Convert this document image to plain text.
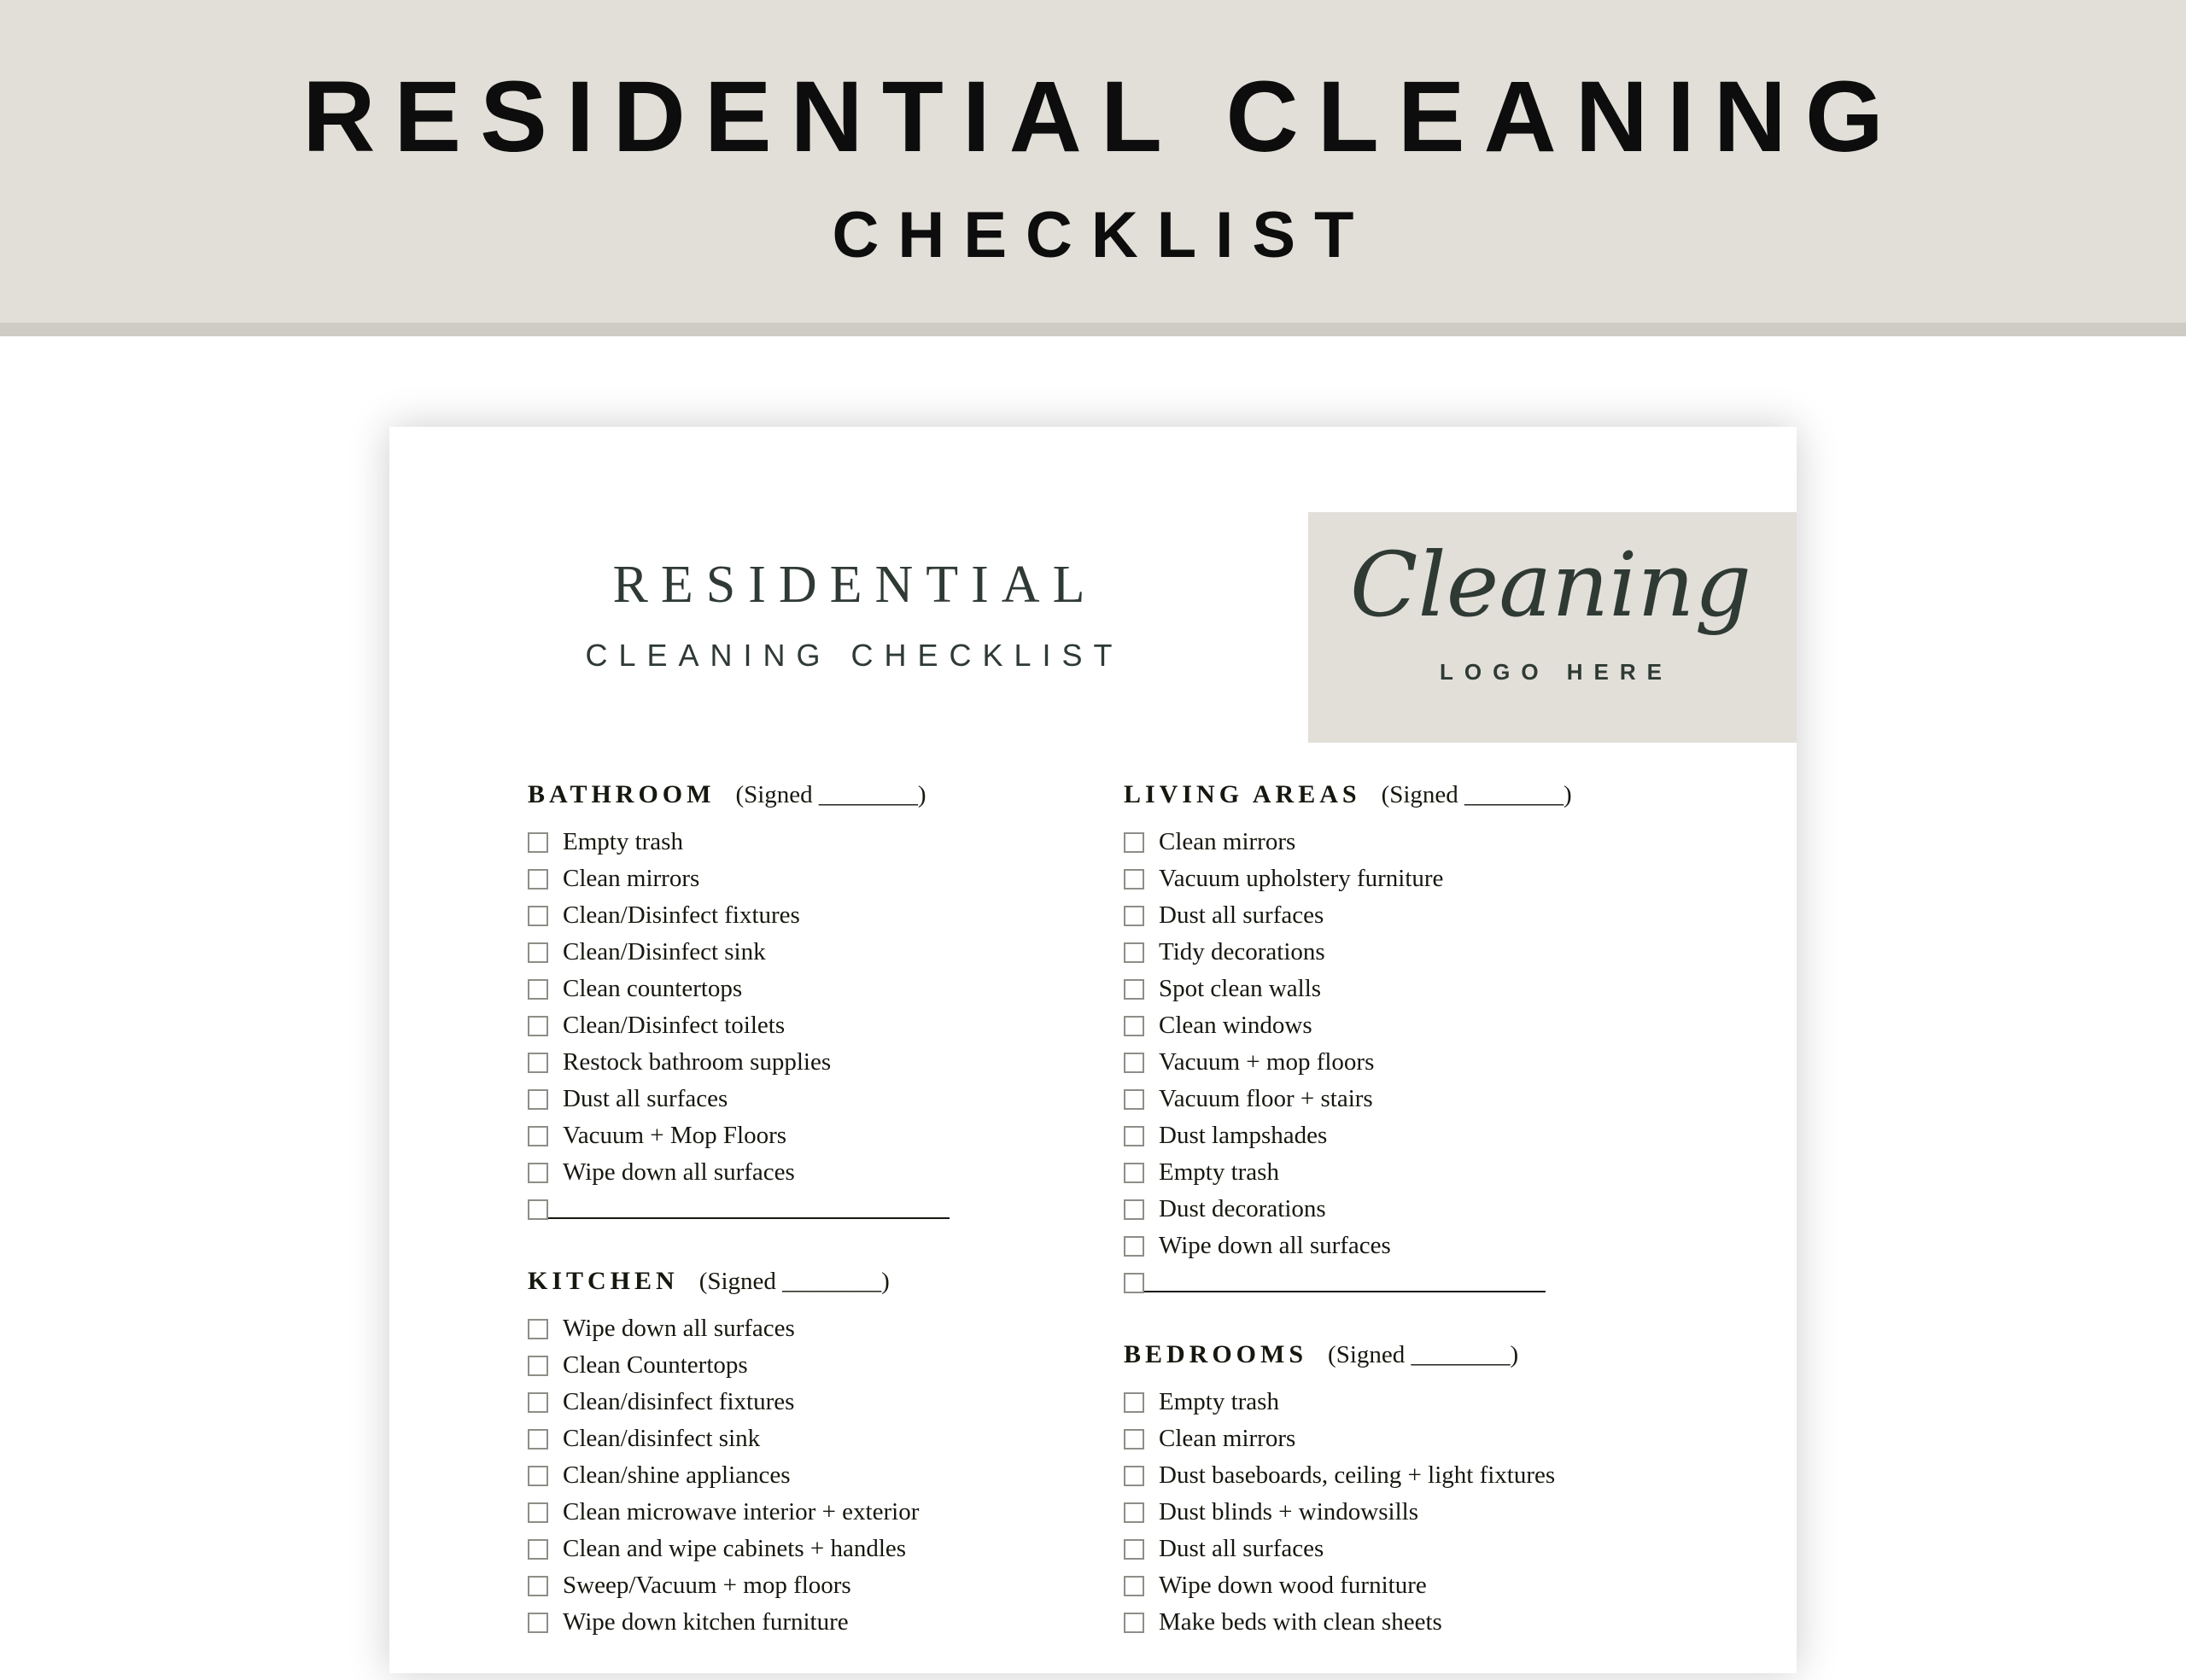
RESIDENTIAL CLEANING
CHECKLIST
RESIDENTIAL
CLEANING CHECKLIST
Cleaning
LOGO HERE
BATHROOM (Signed ________)
Empty trash
Clean mirrors
Clean/Disinfect fixtures
Clean/Disinfect sink
Clean countertops
Clean/Disinfect toilets
Restock bathroom supplies
Dust all surfaces
Vacuum + Mop Floors
Wipe down all surfaces
KITCHEN (Signed ________)
Wipe down all surfaces
Clean Countertops
Clean/disinfect fixtures
Clean/disinfect sink
Clean/shine appliances
Clean microwave interior + exterior
Clean and wipe cabinets + handles
Sweep/Vacuum + mop floors
Wipe down kitchen furniture
LIVING AREAS (Signed ________)
Clean mirrors
Vacuum upholstery furniture
Dust all surfaces
Tidy decorations
Spot clean walls
Clean windows
Vacuum + mop floors
Vacuum floor + stairs
Dust lampshades
Empty trash
Dust decorations
Wipe down all surfaces
BEDROOMS (Signed ________)
Empty trash
Clean mirrors
Dust baseboards, ceiling + light fixtures
Dust blinds + windowsills
Dust all surfaces
Wipe down wood furniture
Make beds with clean sheets
